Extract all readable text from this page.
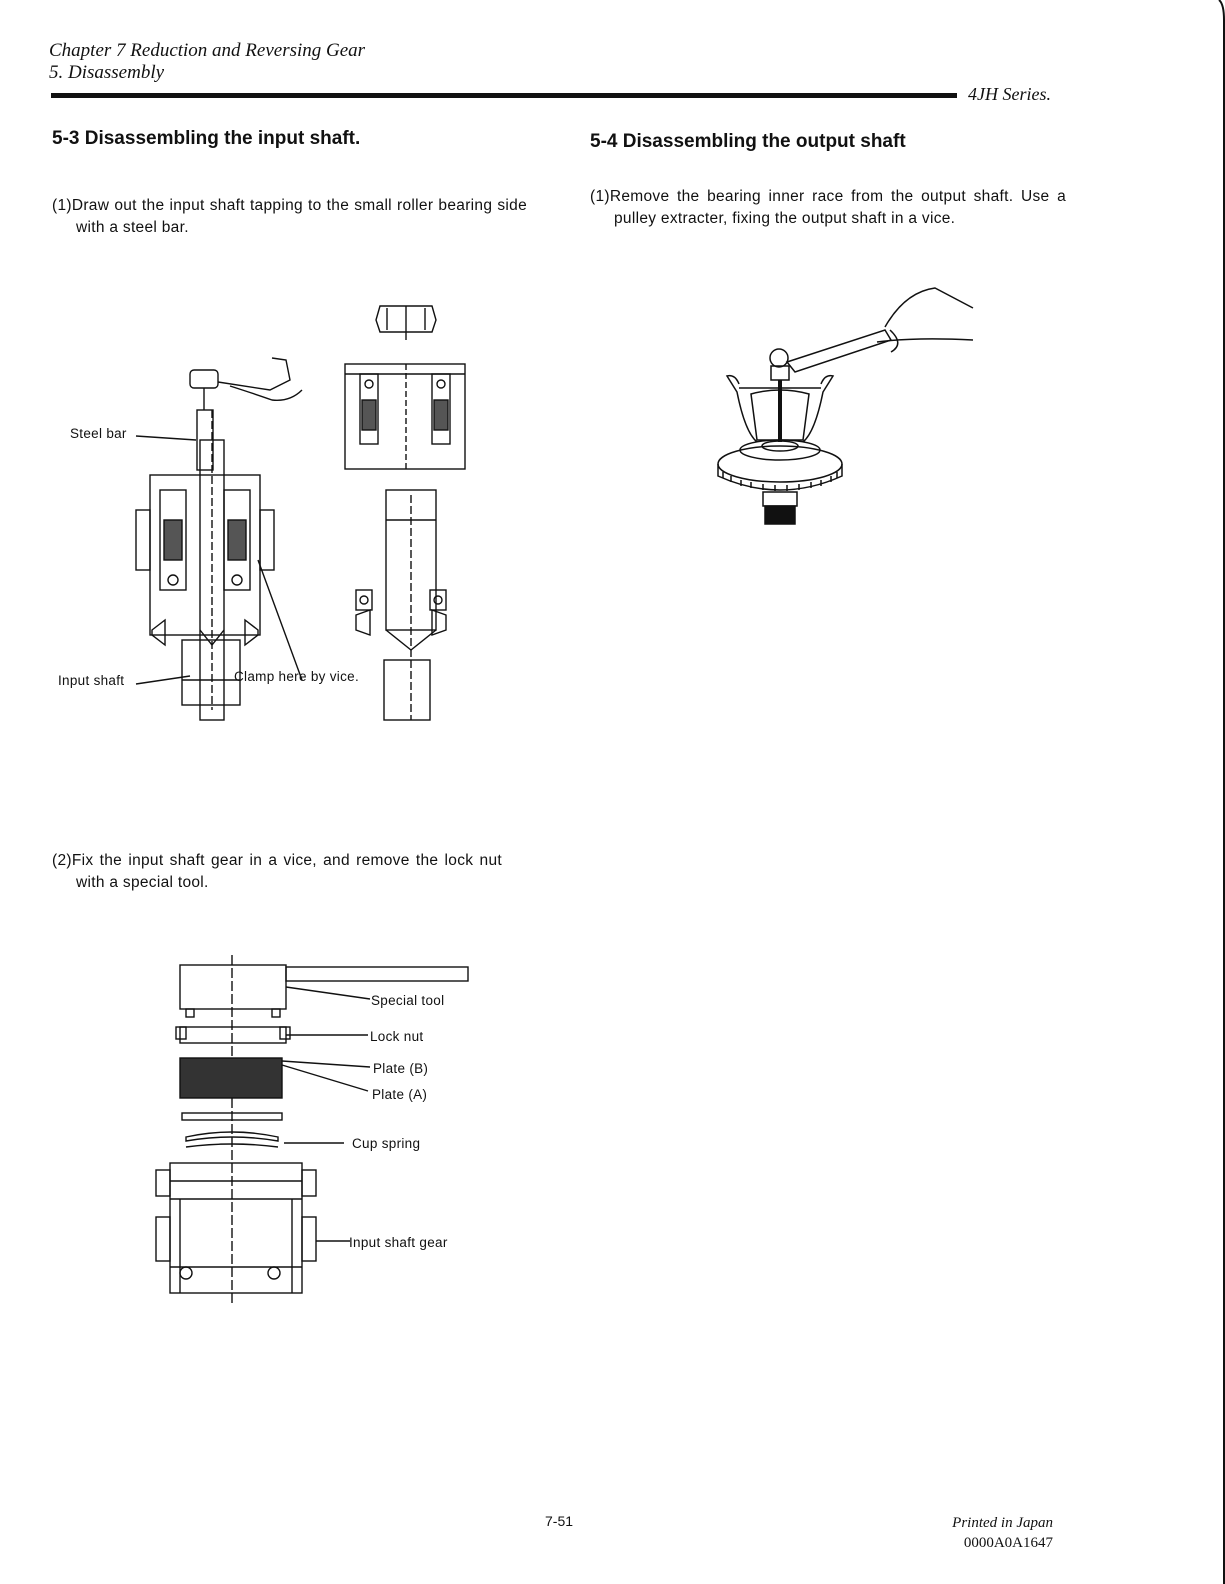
Chapter 7 Reduction and Reversing Gear
5. Disassembly
4JH Series.
5-3 Disassembling the input shaft.
(1)Draw out the input shaft tapping to the small roller bearing side with a steel bar.
Steel bar
Input shaft	Clamp here by vice.
(2)Fix the input shaft gear in a vice, and remove the lock nut with a special tool.
Special tool
Lock nut
Plate (B)
Plate (A)
Cup spring
Input shaft gear
5-4 Disassembling the output shaft
(1)Remove the bearing inner race from the output shaft. Use a pulley extracter, fixing the output shaft in a vice.
7-51	Printed in Japan
0000A0A1647
